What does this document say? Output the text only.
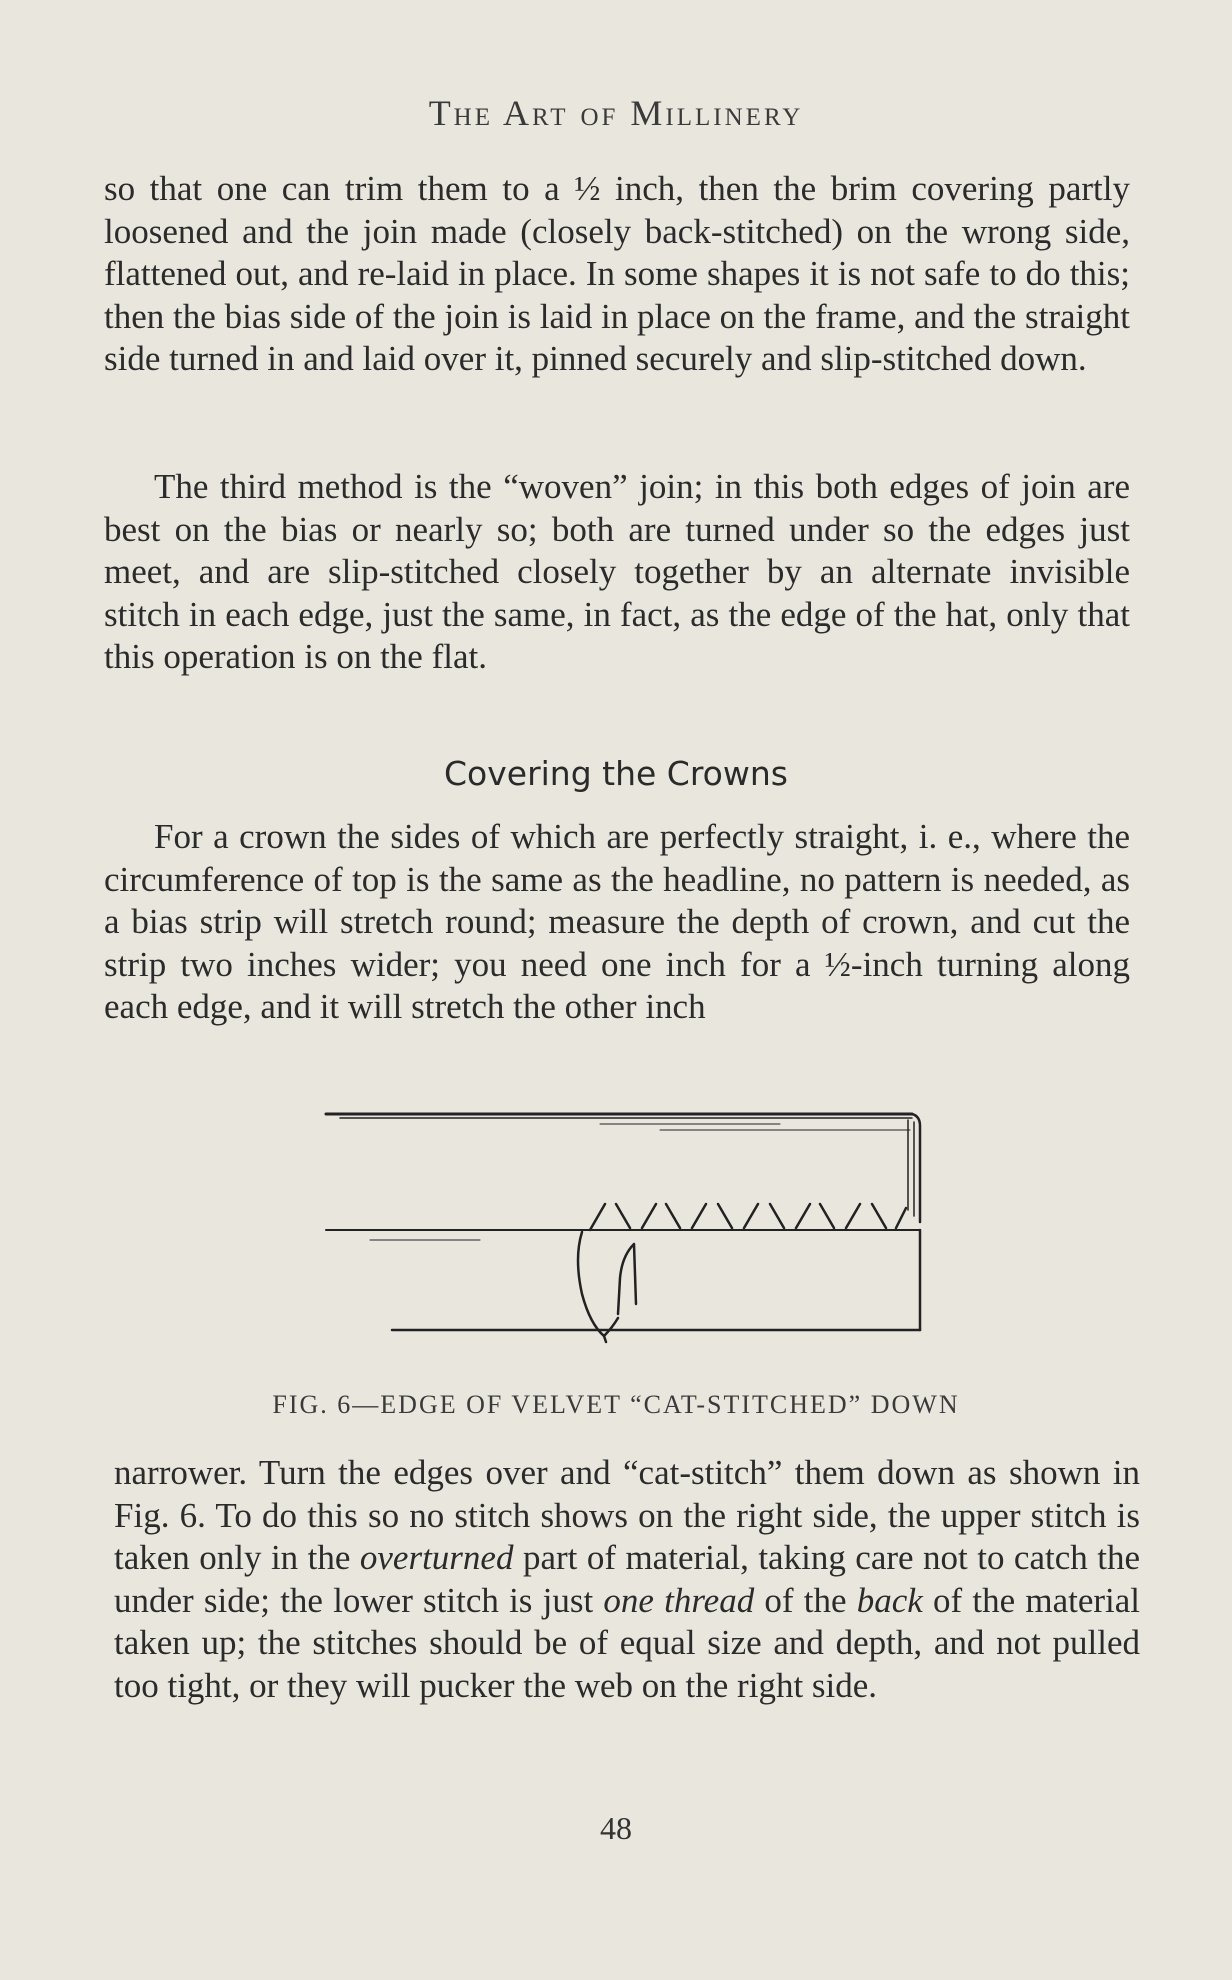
The Art of Millinery

so that one can trim them to a ½ inch, then the brim covering partly loosened and the join made (closely back-stitched) on the wrong side, flattened out, and re-laid in place. In some shapes it is not safe to do this; then the bias side of the join is laid in place on the frame, and the straight side turned in and laid over it, pinned securely and slip-stitched down.

The third method is the “woven” join; in this both edges of join are best on the bias or nearly so; both are turned under so the edges just meet, and are slip-stitched closely together by an alternate invisible stitch in each edge, just the same, in fact, as the edge of the hat, only that this operation is on the flat.

Covering the Crowns

For a crown the sides of which are perfectly straight, i. e., where the circumference of top is the same as the headline, no pattern is needed, as a bias strip will stretch round; measure the depth of crown, and cut the strip two inches wider; you need one inch for a ½-inch turning along each edge, and it will stretch the other inch

FIG. 6—EDGE OF VELVET “CAT-STITCHED” DOWN

narrower. Turn the edges over and “cat-stitch” them down as shown in Fig. 6. To do this so no stitch shows on the right side, the upper stitch is taken only in the overturned part of material, taking care not to catch the under side; the lower stitch is just one thread of the back of the material taken up; the stitches should be of equal size and depth, and not pulled too tight, or they will pucker the web on the right side.

48
